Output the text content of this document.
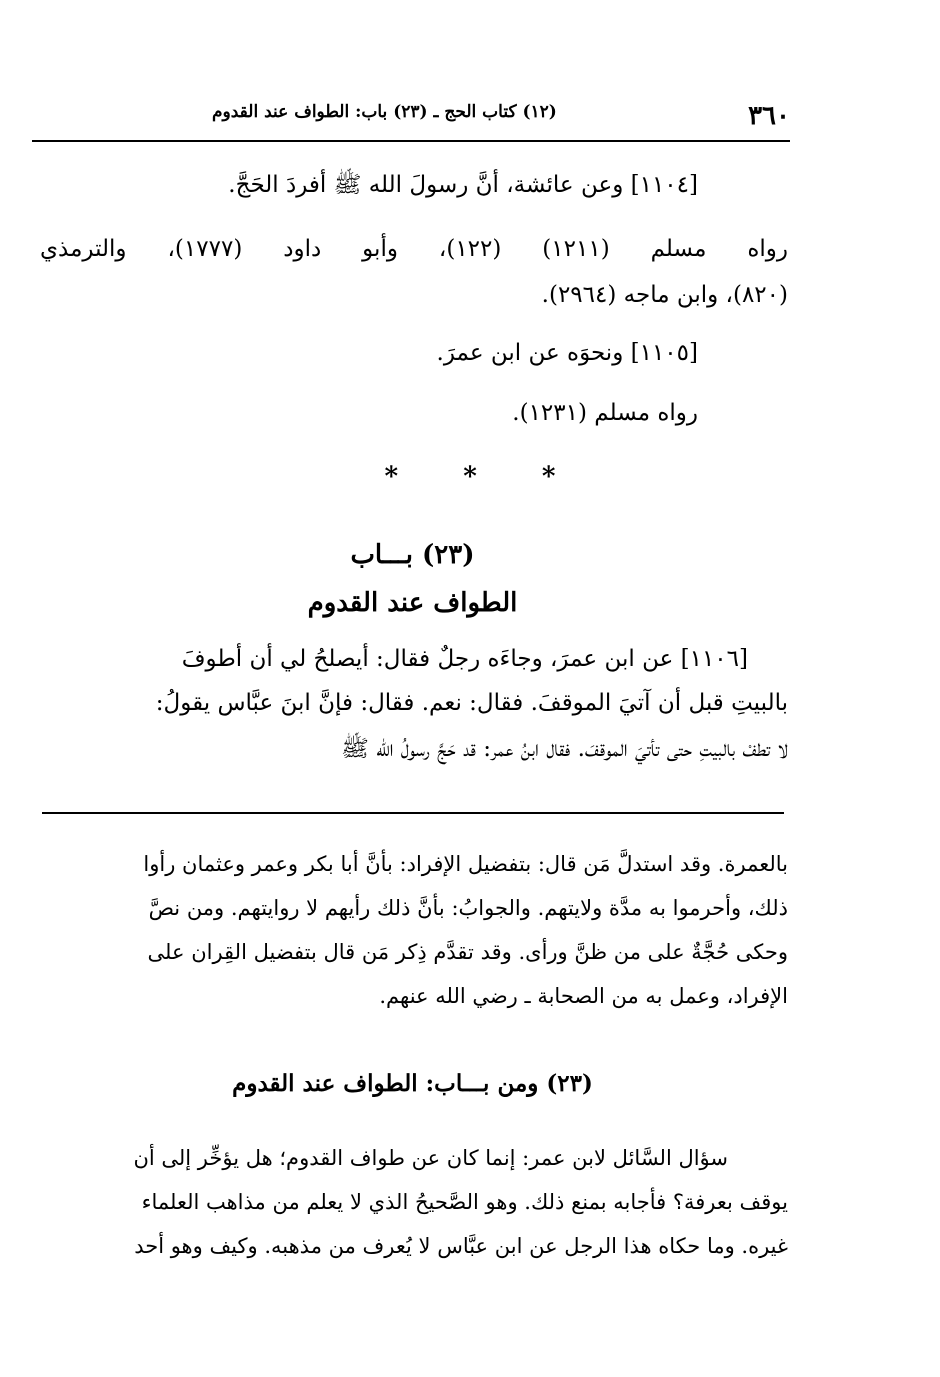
٣٦٠
(١٢) كتاب الحج ـ (٢٣) باب: الطواف عند القدوم
[١١٠٤] وعن عائشة، أنَّ رسولَ الله ﷺ أفردَ الحَجَّ.
رواه مسلم (١٢١١) (١٢٢)، وأبو داود (١٧٧٧)، والترمذي
(٨٢٠)، وابن ماجه (٢٩٦٤).
[١١٠٥] ونحوَه عن ابن عمرَ.
رواه مسلم (١٢٣١).
*	*	*
(٢٣) بـــاب
الطواف عند القدوم
[١١٠٦] عن ابن عمرَ، وجاءَه رجلٌ فقال: أيصلحُ لي أن أطوفَ
بالبيتِ قبل أن آتيَ الموقفَ. فقال: نعم. فقال: فإنَّ ابنَ عبَّاس يقولُ:
لا تطفْ بالبيتِ حتى تأتيَ الموقفَ. فقال ابنُ عمر: قد حَجَّ رسولُ الله ﷺ
بالعمرة. وقد استدلَّ مَن قال: بتفضيل الإفراد: بأنَّ أبا بكر وعمر وعثمان رأوا
ذلك، وأحرموا به مدَّة ولايتهم. والجوابُ: بأنَّ ذلك رأيهم لا روايتهم. ومن نصَّ
وحكى حُجَّةٌ على من ظنَّ ورأى. وقد تقدَّم ذِكر مَن قال بتفضيل القِران على
الإفراد، وعمل به من الصحابة ـ رضي الله عنهم.
(٢٣) ومن بـــاب: الطواف عند القدوم
سؤال السَّائل لابن عمر: إنما كان عن طواف القدوم؛ هل يؤخِّر إلى أن
يوقف بعرفة؟ فأجابه بمنع ذلك. وهو الصَّحيحُ الذي لا يعلم من مذاهب العلماء
غيره. وما حكاه هذا الرجل عن ابن عبَّاس لا يُعرف من مذهبه. وكيف وهو أحد
